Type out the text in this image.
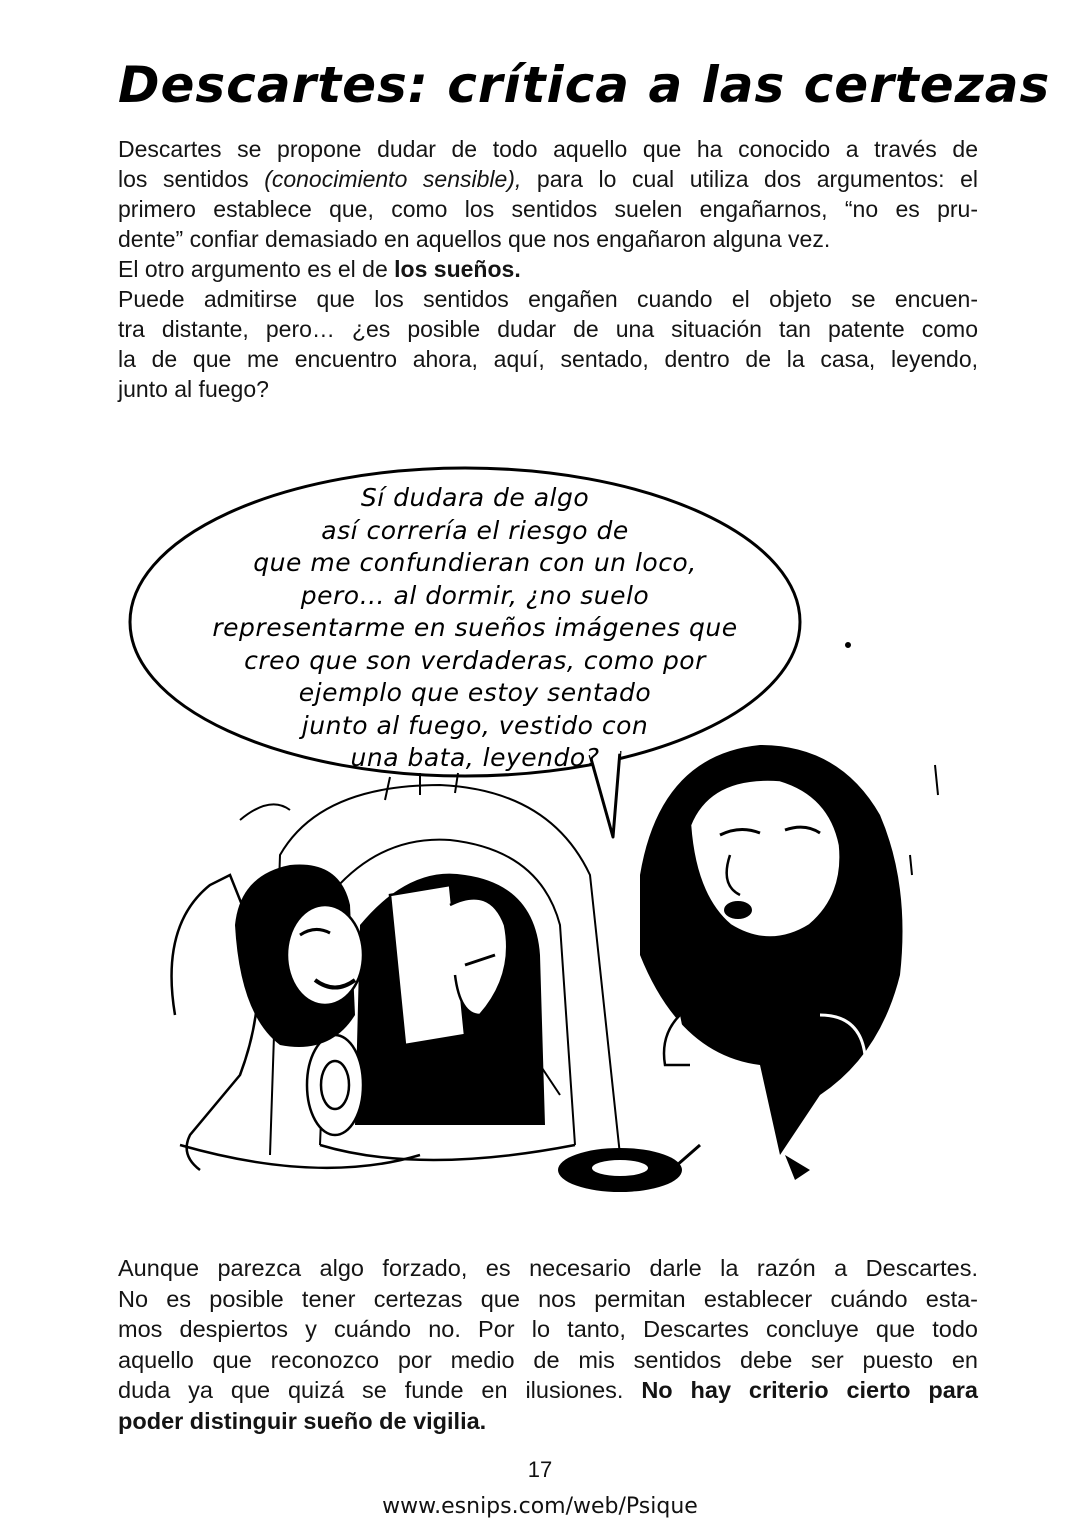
Descartes: crítica a las certezas
Descartes se propone dudar de todo aquello que ha conocido a través de
los sentidos (conocimiento sensible), para lo cual utiliza dos argumentos: el
primero establece que, como los sentidos suelen engañarnos, “no es pru-
dente” confiar demasiado en aquellos que nos engañaron alguna vez.
El otro argumento es el de los sueños.
Puede admitirse que los sentidos engañen cuando el objeto se encuen-
tra distante, pero… ¿es posible dudar de una situación tan patente como
la de que me encuentro ahora, aquí, sentado, dentro de la casa, leyendo,
junto al fuego?
Sí dudara de algo
así correría el riesgo de
que me confundieran con un loco,
pero… al dormir, ¿no suelo
representarme en sueños imágenes que
creo que son verdaderas, como por
ejemplo que estoy sentado
junto al fuego, vestido con
una bata, leyendo?
Aunque parezca algo forzado, es necesario darle la razón a Descartes.
No es posible tener certezas que nos permitan establecer cuándo esta-
mos despiertos y cuándo no. Por lo tanto, Descartes concluye que todo
aquello que reconozco por medio de mis sentidos debe ser puesto en
duda ya que quizá se funde en ilusiones. No hay criterio cierto para
poder distinguir sueño de vigilia.
17
www.esnips.com/web/Psique
